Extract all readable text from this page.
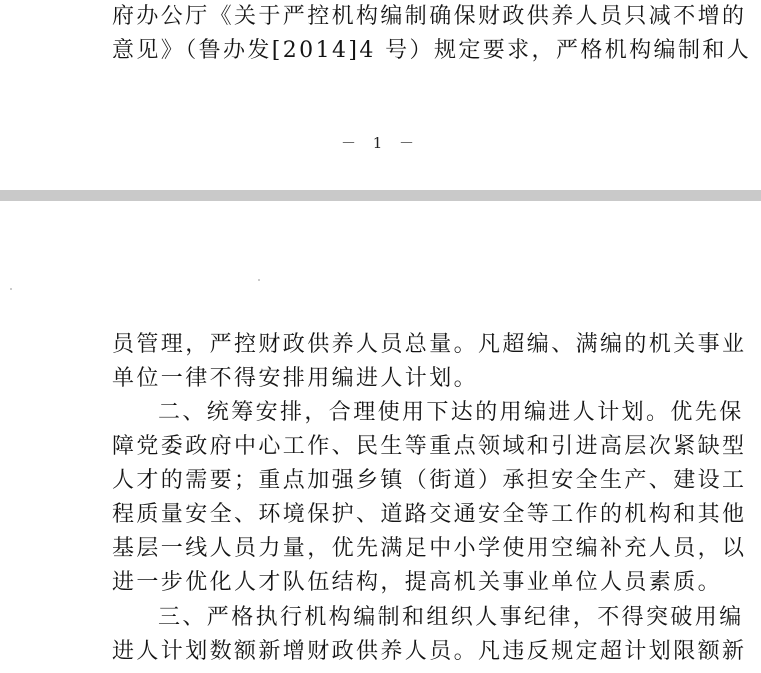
府办公厅《关于严控机构编制确保财政供养人员只减不增的
意见》（鲁办发[2014]4 号）规定要求，严格机构编制和人
－ 1 －
员管理，严控财政供养人员总量。凡超编、满编的机关事业
单位一律不得安排用编进人计划。
二、统筹安排，合理使用下达的用编进人计划。优先保
障党委政府中心工作、民生等重点领域和引进高层次紧缺型
人才的需要；重点加强乡镇（街道）承担安全生产、建设工
程质量安全、环境保护、道路交通安全等工作的机构和其他
基层一线人员力量，优先满足中小学使用空编补充人员，以
进一步优化人才队伍结构，提高机关事业单位人员素质。
三、严格执行机构编制和组织人事纪律，不得突破用编
进人计划数额新增财政供养人员。凡违反规定超计划限额新
